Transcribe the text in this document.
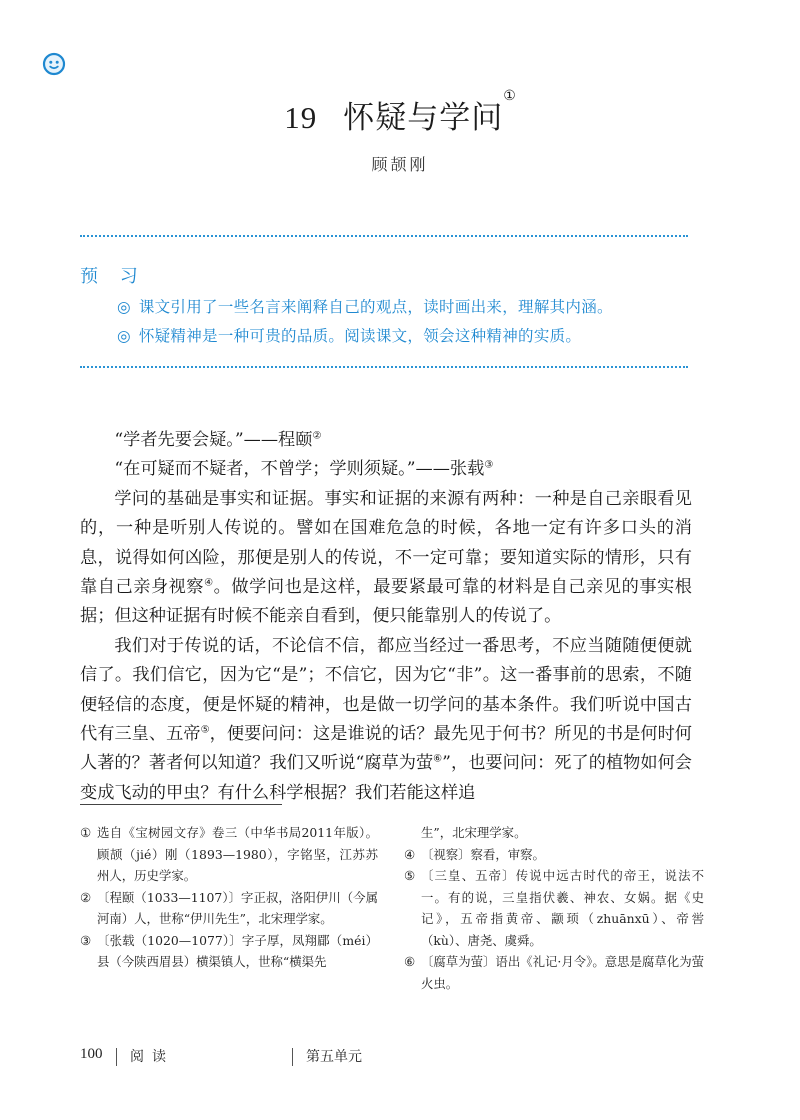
19 怀疑与学问①
顾颉刚
预 习
◎ 课文引用了一些名言来阐释自己的观点，读时画出来，理解其内涵。
◎ 怀疑精神是一种可贵的品质。阅读课文，领会这种精神的实质。

“学者先要会疑。”——程颐②

“在可疑而不疑者，不曾学；学则须疑。”——张载③

学问的基础是事实和证据。事实和证据的来源有两种：一种是自己亲眼看见的，一种是听别人传说的。譬如在国难危急的时候，各地一定有许多口头的消息，说得如何凶险，那便是别人的传说，不一定可靠；要知道实际的情形，只有靠自己亲身视察④。做学问也是这样，最要紧最可靠的材料是自己亲见的事实根据；但这种证据有时候不能亲自看到，便只能靠别人的传说了。

我们对于传说的话，不论信不信，都应当经过一番思考，不应当随随便便就信了。我们信它，因为它“是”；不信它，因为它“非”。这一番事前的思索，不随便轻信的态度，便是怀疑的精神，也是做一切学问的基本条件。我们听说中国古代有三皇、五帝⑤，便要问问：这是谁说的话？最先见于何书？所见的书是何时何人著的？著者何以知道？我们又听说“腐草为萤⑥”，也要问问：死了的植物如何会变成飞动的甲虫？有什么科学根据？我们若能这样追

① 选自《宝树园文存》卷三（中华书局2011年版）。顾颉（jié）刚（1893—1980），字铭坚，江苏苏州人，历史学家。
② 〔程颐（1033—1107）〕字正叔，洛阳伊川（今属河南）人，世称“伊川先生”，北宋理学家。
③ 〔张载（1020—1077）〕字子厚，凤翔郿（méi）县（今陕西眉县）横渠镇人，世称“横渠先
生”，北宋理学家。
④ 〔视察〕察看，审察。
⑤ 〔三皇、五帝〕传说中远古时代的帝王，说法不一。有的说，三皇指伏羲、神农、女娲。据《史记》，五帝指黄帝、颛顼（zhuānxū）、帝喾（kù）、唐尧、虞舜。
⑥ 〔腐草为萤〕语出《礼记·月令》。意思是腐草化为萤火虫。
100 阅读	第五单元
